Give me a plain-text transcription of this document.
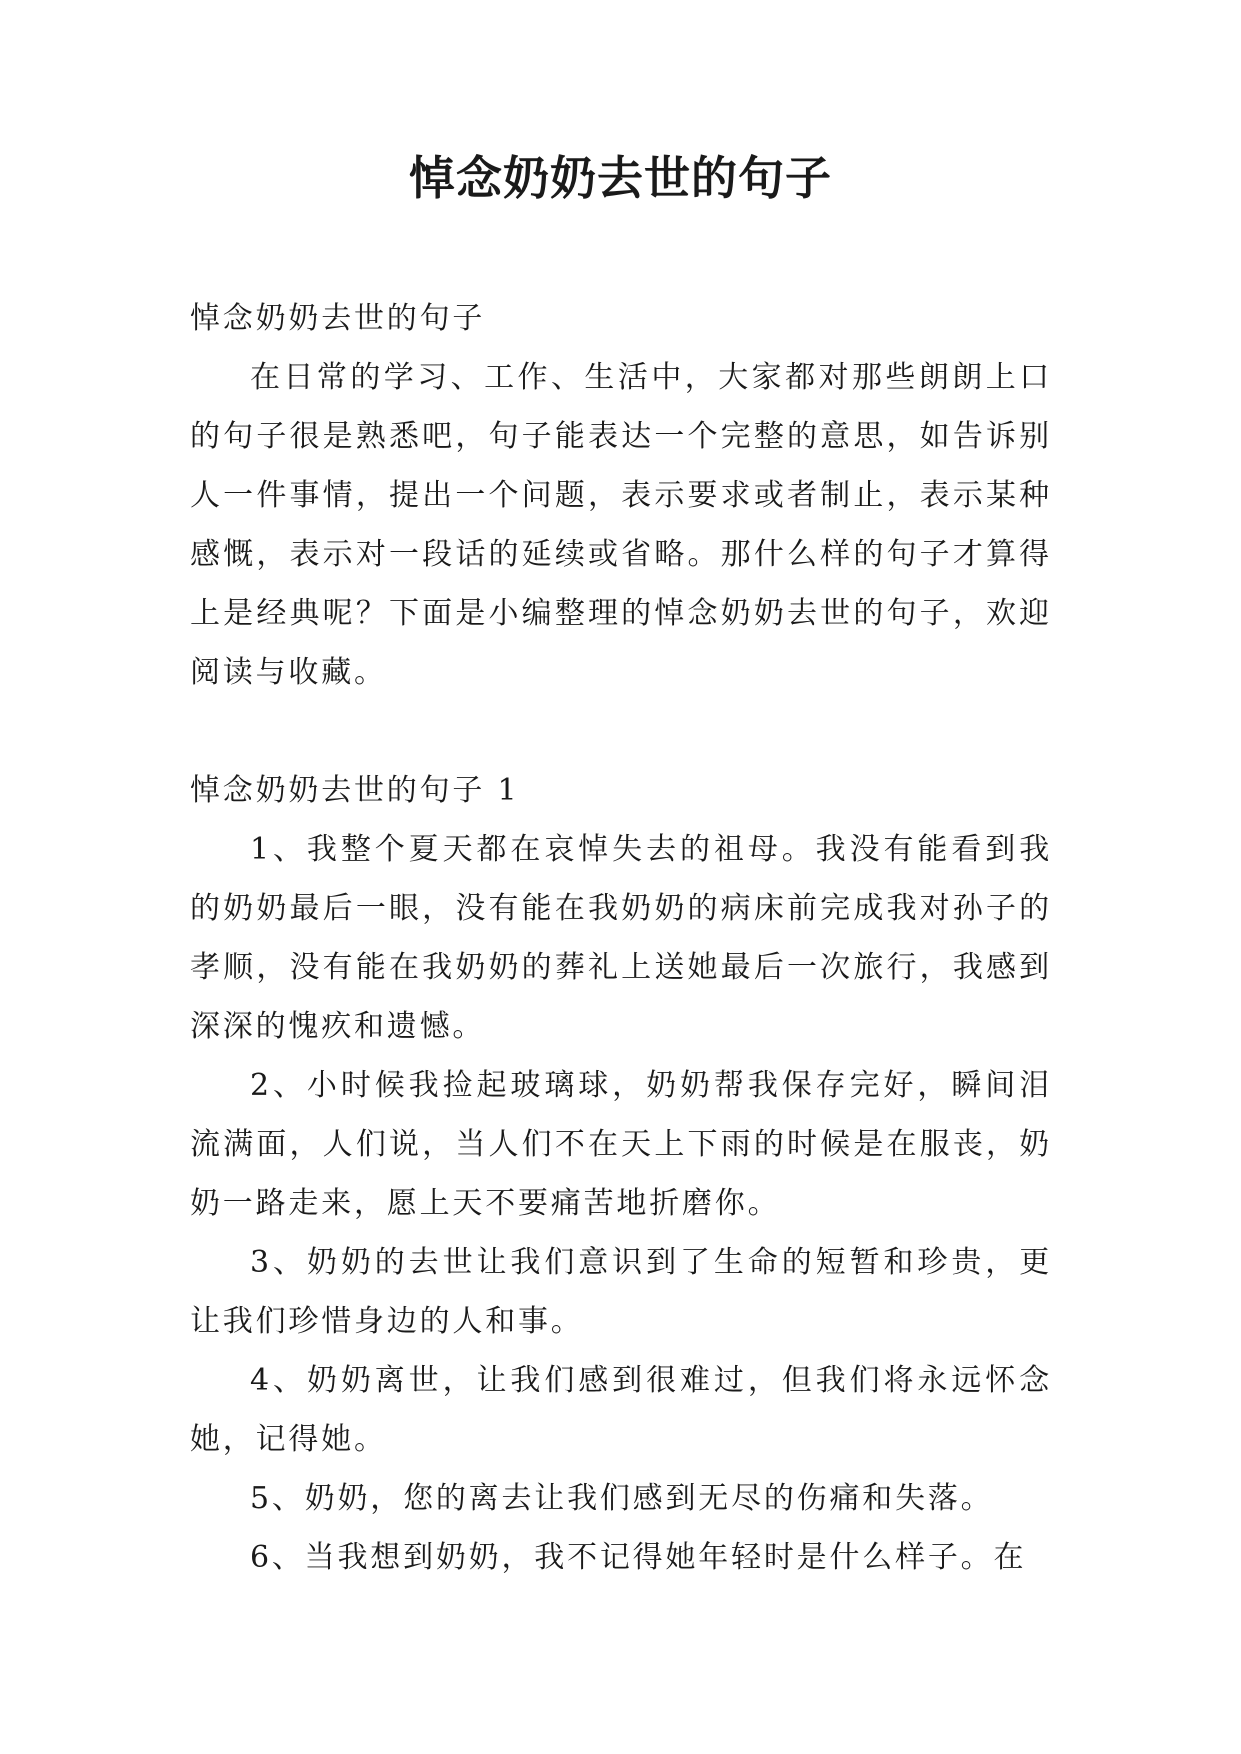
悼念奶奶去世的句子

悼念奶奶去世的句子

在日常的学习、工作、生活中，大家都对那些朗朗上口的句子很是熟悉吧，句子能表达一个完整的意思，如告诉别人一件事情，提出一个问题，表示要求或者制止，表示某种感慨，表示对一段话的延续或省略。那什么样的句子才算得上是经典呢？下面是小编整理的悼念奶奶去世的句子，欢迎阅读与收藏。

悼念奶奶去世的句子 1

1、我整个夏天都在哀悼失去的祖母。我没有能看到我的奶奶最后一眼，没有能在我奶奶的病床前完成我对孙子的孝顺，没有能在我奶奶的葬礼上送她最后一次旅行，我感到深深的愧疚和遗憾。

2、小时候我捡起玻璃球，奶奶帮我保存完好，瞬间泪流满面，人们说，当人们不在天上下雨的时候是在服丧，奶奶一路走来，愿上天不要痛苦地折磨你。

3、奶奶的去世让我们意识到了生命的短暂和珍贵，更让我们珍惜身边的人和事。

4、奶奶离世，让我们感到很难过，但我们将永远怀念她，记得她。

5、奶奶，您的离去让我们感到无尽的伤痛和失落。

6、当我想到奶奶，我不记得她年轻时是什么样子。在
